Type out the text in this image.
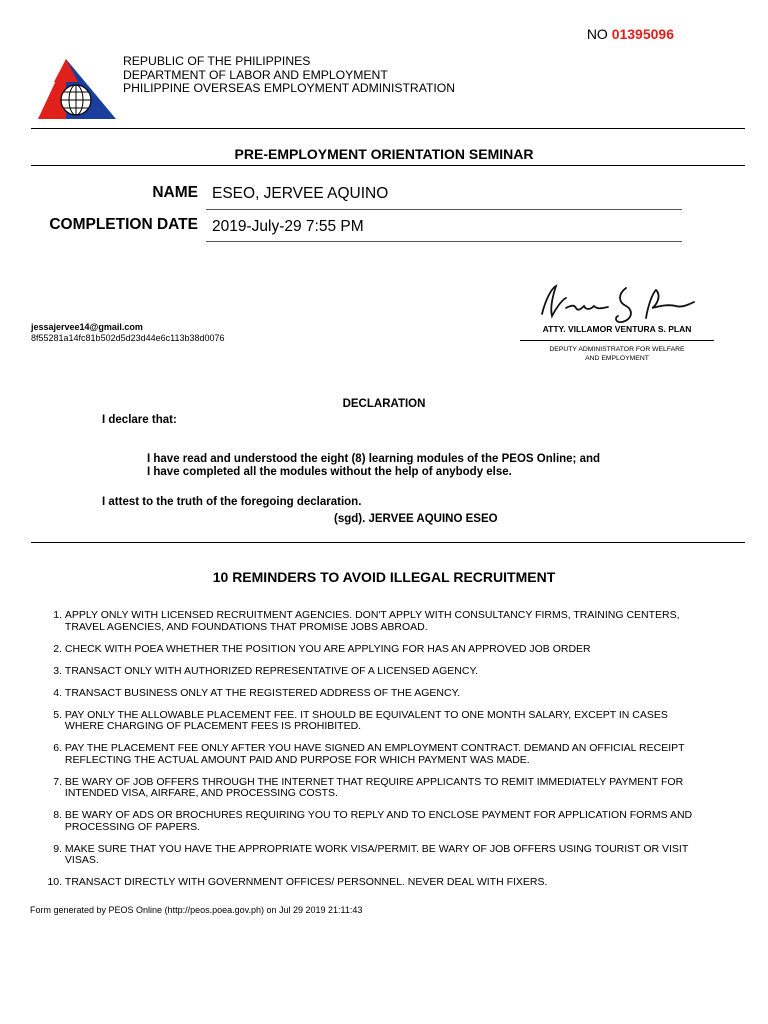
NO 01395096
REPUBLIC OF THE PHILIPPINES
DEPARTMENT OF LABOR AND EMPLOYMENT
PHILIPPINE OVERSEAS EMPLOYMENT ADMINISTRATION
PRE-EMPLOYMENT ORIENTATION SEMINAR
NAME ESEO, JERVEE AQUINO
COMPLETION DATE 2019-July-29 7:55 PM
ATTY. VILLAMOR VENTURA S. PLAN
DEPUTY ADMINISTRATOR FOR WELFARE
AND EMPLOYMENT
jessajervee14@gmail.com
8f55281a14fc81b502d5d23d44e6c113b38d0076
DECLARATION
I declare that:
I have read and understood the eight (8) learning modules of the PEOS Online; and
I have completed all the modules without the help of anybody else.
I attest to the truth of the foregoing declaration.
(sgd). JERVEE AQUINO ESEO
10 REMINDERS TO AVOID ILLEGAL RECRUITMENT
1. APPLY ONLY WITH LICENSED RECRUITMENT AGENCIES. DON'T APPLY WITH CONSULTANCY FIRMS, TRAINING CENTERS,
TRAVEL AGENCIES, AND FOUNDATIONS THAT PROMISE JOBS ABROAD.
2. CHECK WITH POEA WHETHER THE POSITION YOU ARE APPLYING FOR HAS AN APPROVED JOB ORDER
3. TRANSACT ONLY WITH AUTHORIZED REPRESENTATIVE OF A LICENSED AGENCY.
4. TRANSACT BUSINESS ONLY AT THE REGISTERED ADDRESS OF THE AGENCY.
5. PAY ONLY THE ALLOWABLE PLACEMENT FEE. IT SHOULD BE EQUIVALENT TO ONE MONTH SALARY, EXCEPT IN CASES
WHERE CHARGING OF PLACEMENT FEES IS PROHIBITED.
6. PAY THE PLACEMENT FEE ONLY AFTER YOU HAVE SIGNED AN EMPLOYMENT CONTRACT. DEMAND AN OFFICIAL RECEIPT
REFLECTING THE ACTUAL AMOUNT PAID AND PURPOSE FOR WHICH PAYMENT WAS MADE.
7. BE WARY OF JOB OFFERS THROUGH THE INTERNET THAT REQUIRE APPLICANTS TO REMIT IMMEDIATELY PAYMENT FOR
INTENDED VISA, AIRFARE, AND PROCESSING COSTS.
8. BE WARY OF ADS OR BROCHURES REQUIRING YOU TO REPLY AND TO ENCLOSE PAYMENT FOR APPLICATION FORMS AND
PROCESSING OF PAPERS.
9. MAKE SURE THAT YOU HAVE THE APPROPRIATE WORK VISA/PERMIT. BE WARY OF JOB OFFERS USING TOURIST OR VISIT
VISAS.
10. TRANSACT DIRECTLY WITH GOVERNMENT OFFICES/ PERSONNEL. NEVER DEAL WITH FIXERS.
Form generated by PEOS Online (http://peos.poea.gov.ph) on Jul 29 2019 21:11:43
